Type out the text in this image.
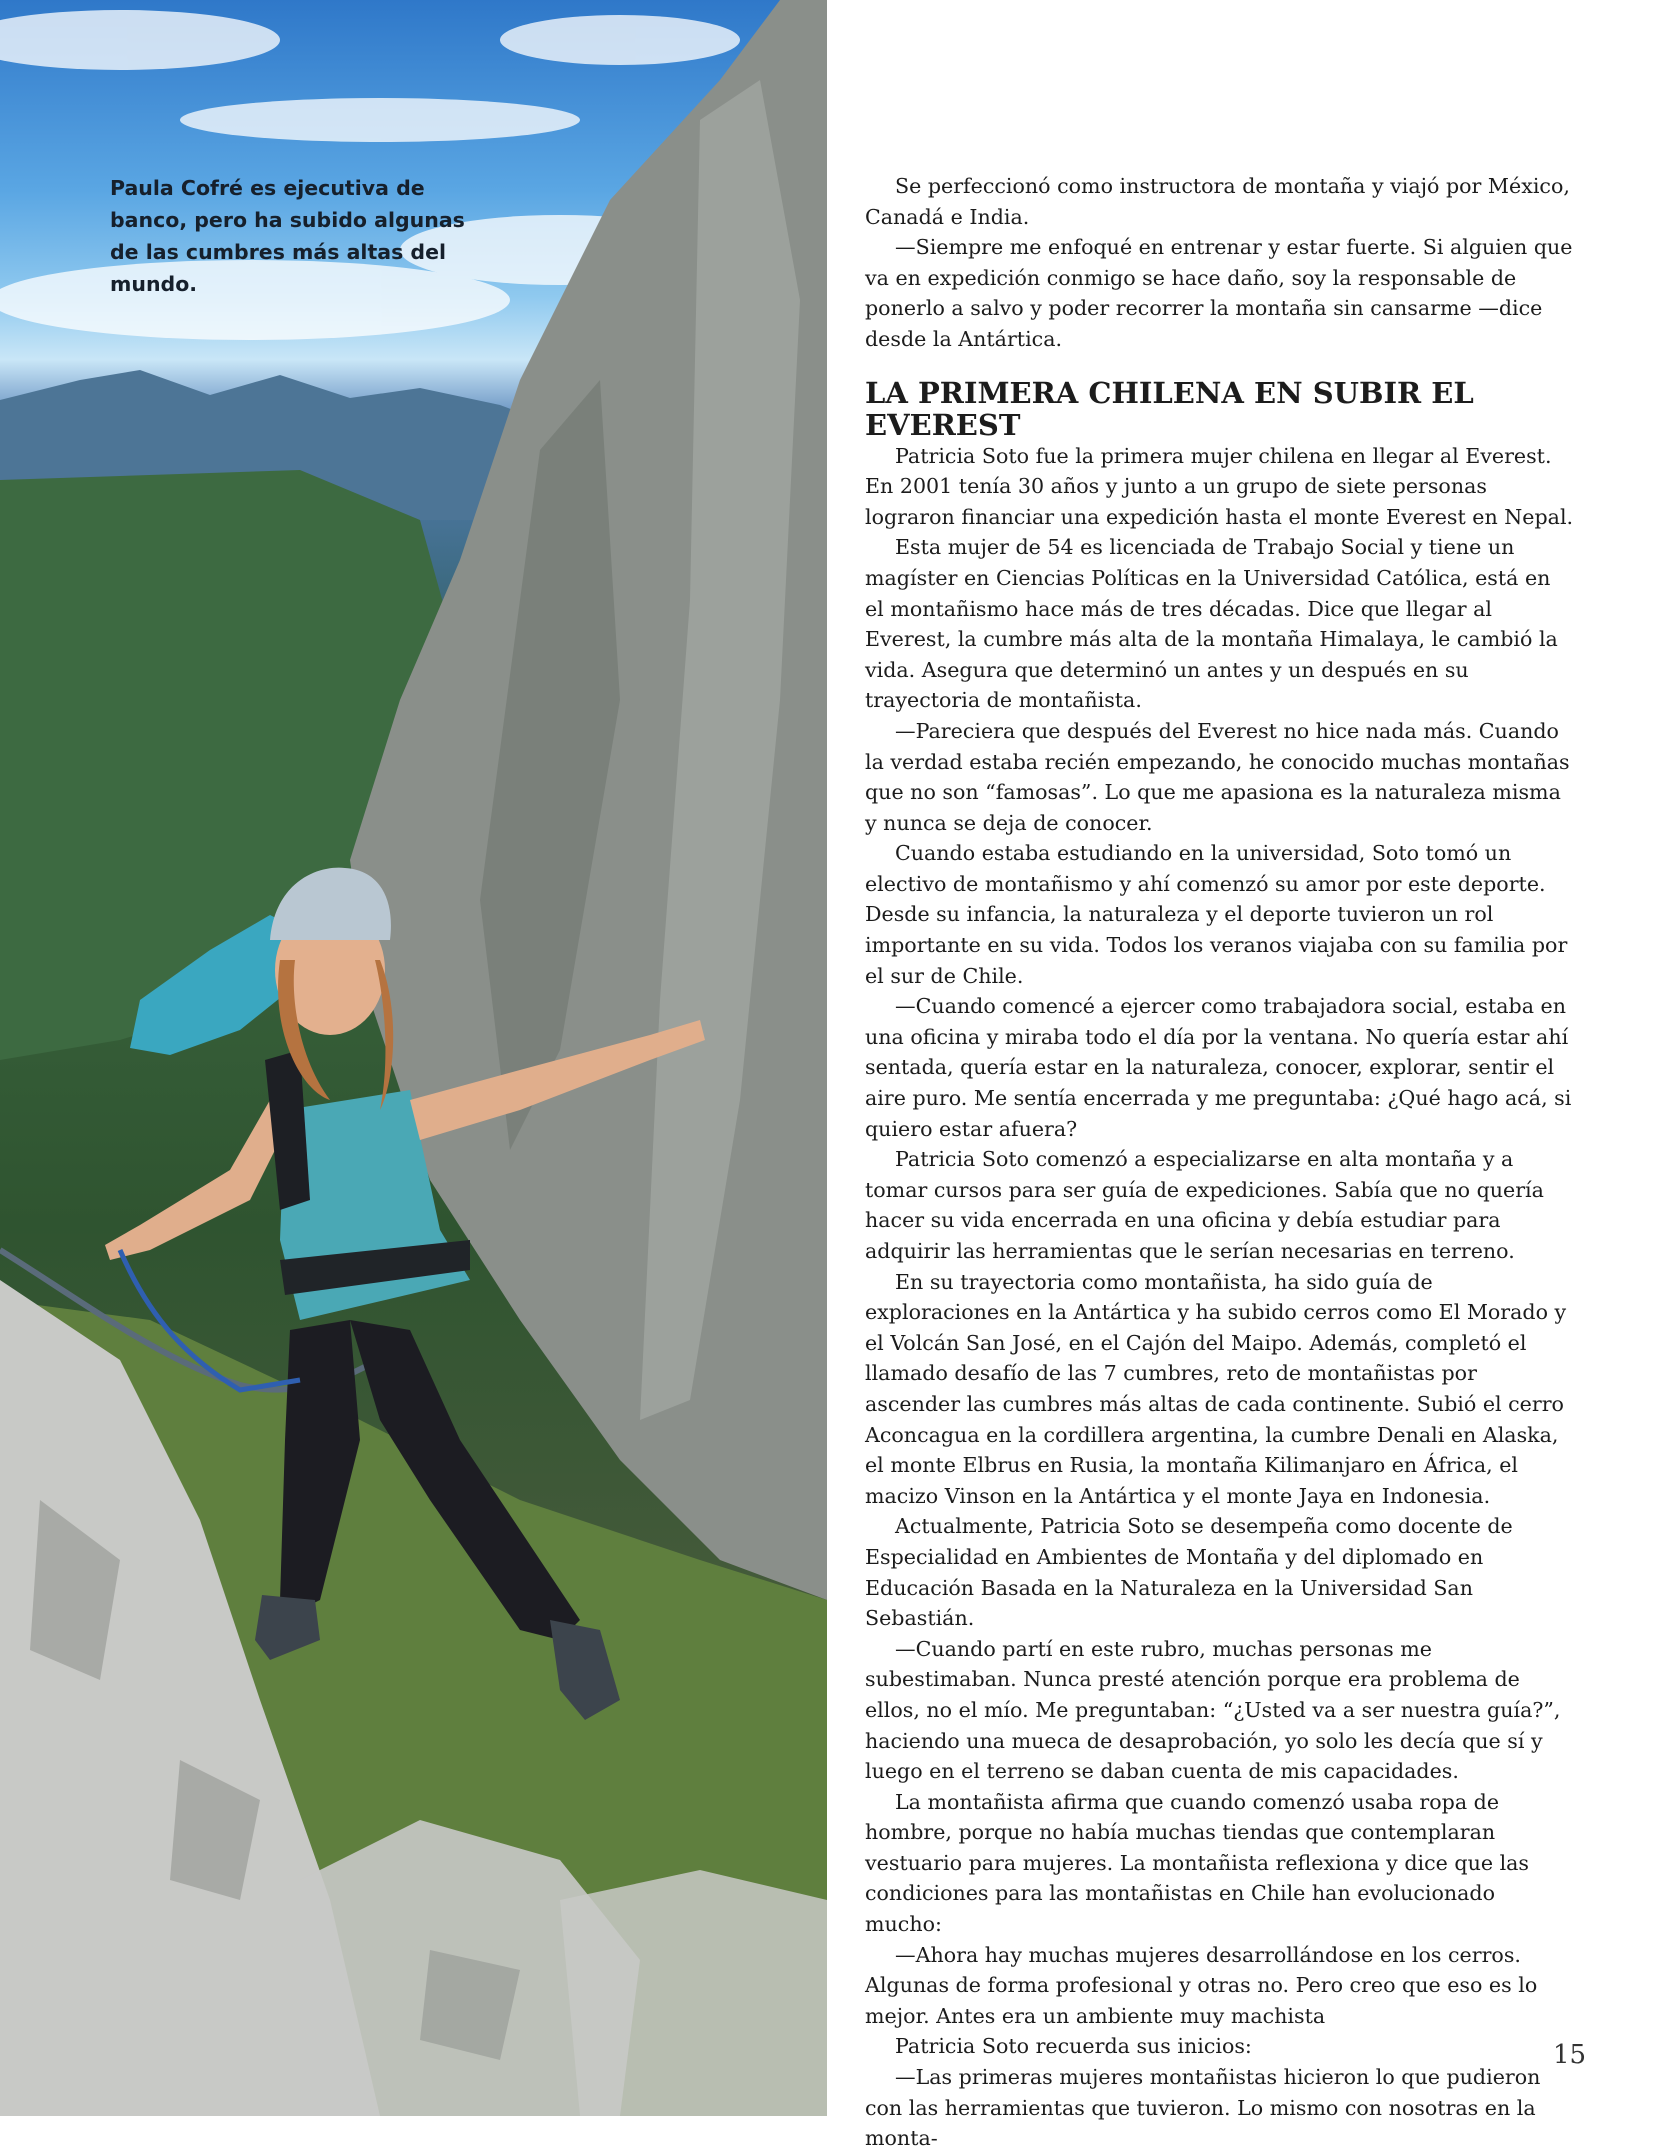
Paula Cofré es ejecutiva de banco, pero ha subido algunas de las cumbres más altas del mundo.

Se perfeccionó como instructora de montaña y viajó por México, Canadá e India.

—Siempre me enfoqué en entrenar y estar fuerte. Si alguien que va en expedición conmigo se hace daño, soy la responsable de ponerlo a salvo y poder recorrer la montaña sin cansarme —dice desde la Antártica.

LA PRIMERA CHILENA EN SUBIR EL EVEREST

Patricia Soto fue la primera mujer chilena en llegar al Everest. En 2001 tenía 30 años y junto a un grupo de siete personas lograron financiar una expedición hasta el monte Everest en Nepal.

Esta mujer de 54 es licenciada de Trabajo Social y tiene un magíster en Ciencias Políticas en la Universidad Católica, está en el montañismo hace más de tres décadas. Dice que llegar al Everest, la cumbre más alta de la montaña Himalaya, le cambió la vida. Asegura que determinó un antes y un después en su trayectoria de montañista.

—Pareciera que después del Everest no hice nada más. Cuando la verdad estaba recién empezando, he conocido muchas montañas que no son “famosas”. Lo que me apasiona es la naturaleza misma y nunca se deja de conocer.

Cuando estaba estudiando en la universidad, Soto tomó un electivo de montañismo y ahí comenzó su amor por este deporte. Desde su infancia, la naturaleza y el deporte tuvieron un rol importante en su vida. Todos los veranos viajaba con su familia por el sur de Chile.

—Cuando comencé a ejercer como trabajadora social, estaba en una oficina y miraba todo el día por la ventana. No quería estar ahí sentada, quería estar en la naturaleza, conocer, explorar, sentir el aire puro. Me sentía encerrada y me preguntaba: ¿Qué hago acá, si quiero estar afuera?

Patricia Soto comenzó a especializarse en alta montaña y a tomar cursos para ser guía de expediciones. Sabía que no quería hacer su vida encerrada en una oficina y debía estudiar para adquirir las herramientas que le serían necesarias en terreno.

En su trayectoria como montañista, ha sido guía de exploraciones en la Antártica y ha subido cerros como El Morado y el Volcán San José, en el Cajón del Maipo. Además, completó el llamado desafío de las 7 cumbres, reto de montañistas por ascender las cumbres más altas de cada continente. Subió el cerro Aconcagua en la cordillera argentina, la cumbre Denali en Alaska, el monte Elbrus en Rusia, la montaña Kilimanjaro en África, el macizo Vinson en la Antártica y el monte Jaya en Indonesia.

Actualmente, Patricia Soto se desempeña como docente de Especialidad en Ambientes de Montaña y del diplomado en Educación Basada en la Naturaleza en la Universidad San Sebastián.

—Cuando partí en este rubro, muchas personas me subestimaban. Nunca presté atención porque era problema de ellos, no el mío. Me preguntaban: “¿Usted va a ser nuestra guía?”, haciendo una mueca de desaprobación, yo solo les decía que sí y luego en el terreno se daban cuenta de mis capacidades.

La montañista afirma que cuando comenzó usaba ropa de hombre, porque no había muchas tiendas que contemplaran vestuario para mujeres. La montañista reflexiona y dice que las condiciones para las montañistas en Chile han evolucionado mucho:

—Ahora hay muchas mujeres desarrollándose en los cerros. Algunas de forma profesional y otras no. Pero creo que eso es lo mejor. Antes era un ambiente muy machista

Patricia Soto recuerda sus inicios:

—Las primeras mujeres montañistas hicieron lo que pudieron con las herramientas que tuvieron. Lo mismo con nosotras en la monta-

15
